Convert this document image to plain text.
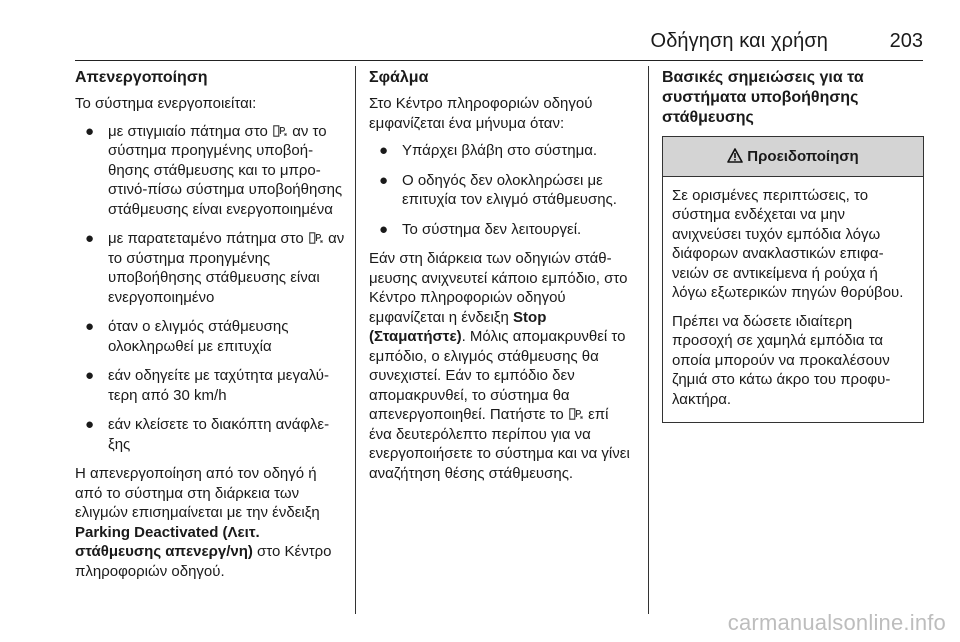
Οδήγηση και χρήση	203
Απενεργοποίηση

Το σύστημα ενεργοποιείται:

● με στιγμιαίο πάτημα στο αν το σύστημα προηγμένης υποβοήθησης στάθμευσης και το μπροστινό-πίσω σύστημα υποβοήθησης στάθμευσης είναι ενεργοποιημένα
● με παρατεταμένο πάτημα στο αν το σύστημα προηγμένης υποβοήθησης στάθμευσης είναι ενεργοποιημένο
● όταν ο ελιγμός στάθμευσης ολοκληρωθεί με επιτυχία
● εάν οδηγείτε με ταχύτητα μεγαλύτερη από 30 km/h
● εάν κλείσετε το διακόπτη ανάφλεξης

Η απενεργοποίηση από τον οδηγό ή από το σύστημα στη διάρκεια των ελιγμών επισημαίνεται με την ένδειξη Parking Deactivated (Λειτ. στάθμευσης απενεργ/νη) στο Κέντρο πληροφοριών οδηγού.

Σφάλμα

Στο Κέντρο πληροφοριών οδηγού εμφανίζεται ένα μήνυμα όταν:

● Υπάρχει βλάβη στο σύστημα.
● Ο οδηγός δεν ολοκληρώσει με επιτυχία τον ελιγμό στάθμευσης.
● Το σύστημα δεν λειτουργεί.

Εάν στη διάρκεια των οδηγιών στάθμευσης ανιχνευτεί κάποιο εμπόδιο, στο Κέντρο πληροφοριών οδηγού εμφανίζεται η ένδειξη Stop (Σταματήστε). Μόλις απομακρυνθεί το εμπόδιο, ο ελιγμός στάθμευσης θα συνεχιστεί. Εάν το εμπόδιο δεν απομακρυνθεί, το σύστημα θα απενεργοποιηθεί. Πατήστε το επί ένα δευτερόλεπτο περίπου για να ενεργοποιήσετε το σύστημα και να γίνει αναζήτηση θέσης στάθμευσης.

Βασικές σημειώσεις για τα συστήματα υποβοήθησης στάθμευσης
Προειδοποίηση

Σε ορισμένες περιπτώσεις, το σύστημα ενδέχεται να μην ανιχνεύσει τυχόν εμπόδια λόγω διάφορων ανακλαστικών επιφανειών σε αντικείμενα ή ρούχα ή λόγω εξωτερικών πηγών θορύβου.

Πρέπει να δώσετε ιδιαίτερη προσοχή σε χαμηλά εμπόδια τα οποία μπορούν να προκαλέσουν ζημιά στο κάτω άκρο του προφυλακτήρα.

carmanualsonline.info
